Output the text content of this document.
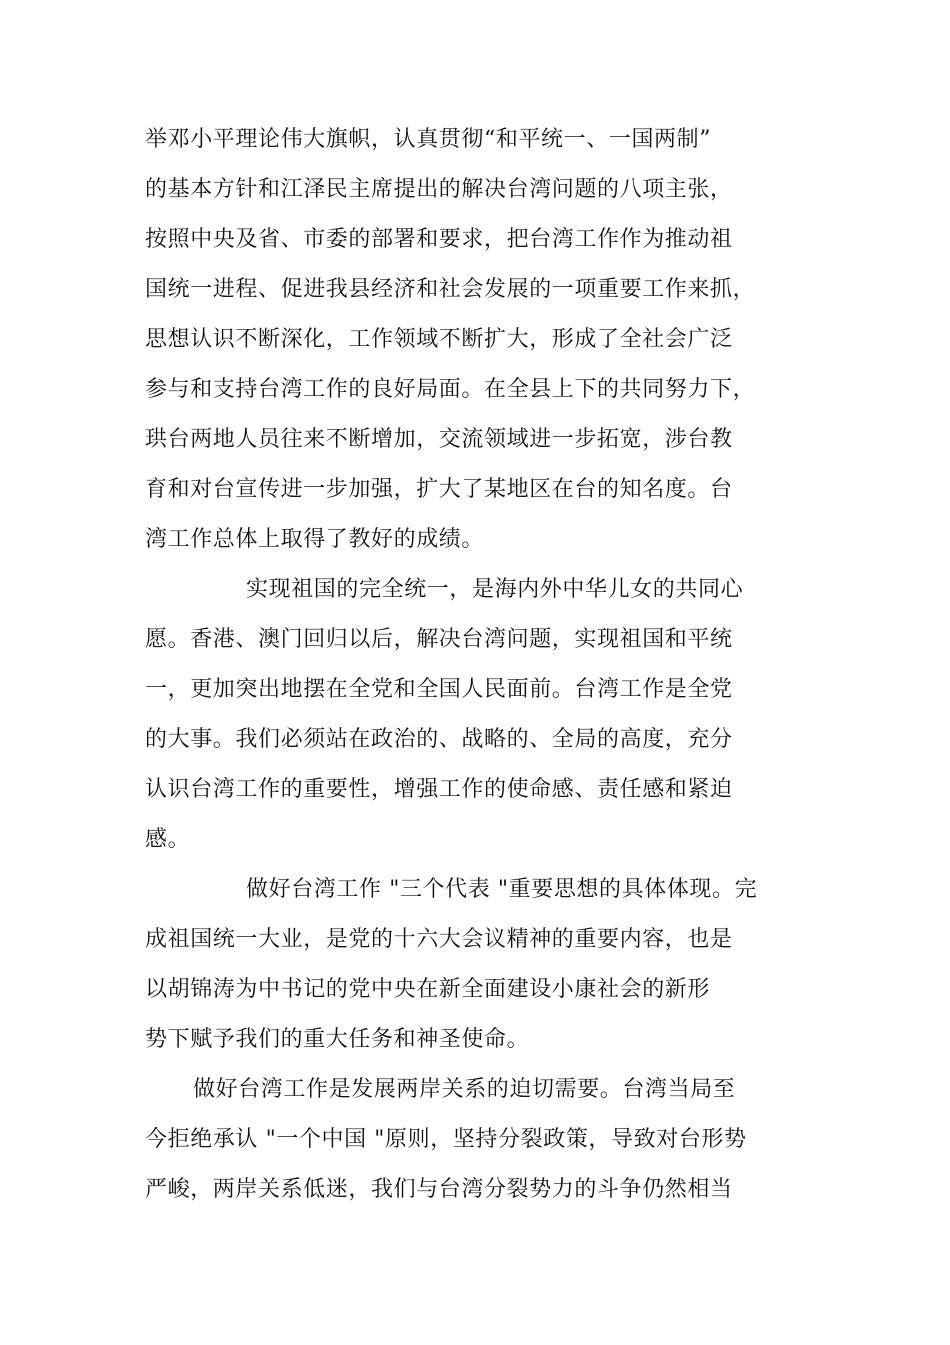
举邓小平理论伟大旗帜，认真贯彻“和平统一、一国两制”
的基本方针和江泽民主席提出的解决台湾问题的八项主张，
按照中央及省、市委的部署和要求，把台湾工作作为推动祖
国统一进程、促进我县经济和社会发展的一项重要工作来抓，
思想认识不断深化，工作领域不断扩大，形成了全社会广泛
参与和支持台湾工作的良好局面。在全县上下的共同努力下，
珙台两地人员往来不断增加，交流领域进一步拓宽，涉台教
育和对台宣传进一步加强，扩大了某地区在台的知名度。台
湾工作总体上取得了教好的成绩。
实现祖国的完全统一，是海内外中华儿女的共同心
愿。香港、澳门回归以后，解决台湾问题，实现祖国和平统
一，更加突出地摆在全党和全国人民面前。台湾工作是全党
的大事。我们必须站在政治的、战略的、全局的高度，充分
认识台湾工作的重要性，增强工作的使命感、责任感和紧迫
感。
做好台湾工作 "三个代表 "重要思想的具体体现。完
成祖国统一大业，是党的十六大会议精神的重要内容，也是
以胡锦涛为中书记的党中央在新全面建设小康社会的新形
势下赋予我们的重大任务和神圣使命。
做好台湾工作是发展两岸关系的迫切需要。台湾当局至
今拒绝承认 "一个中国 "原则，坚持分裂政策，导致对台形势
严峻，两岸关系低迷，我们与台湾分裂势力的斗争仍然相当
